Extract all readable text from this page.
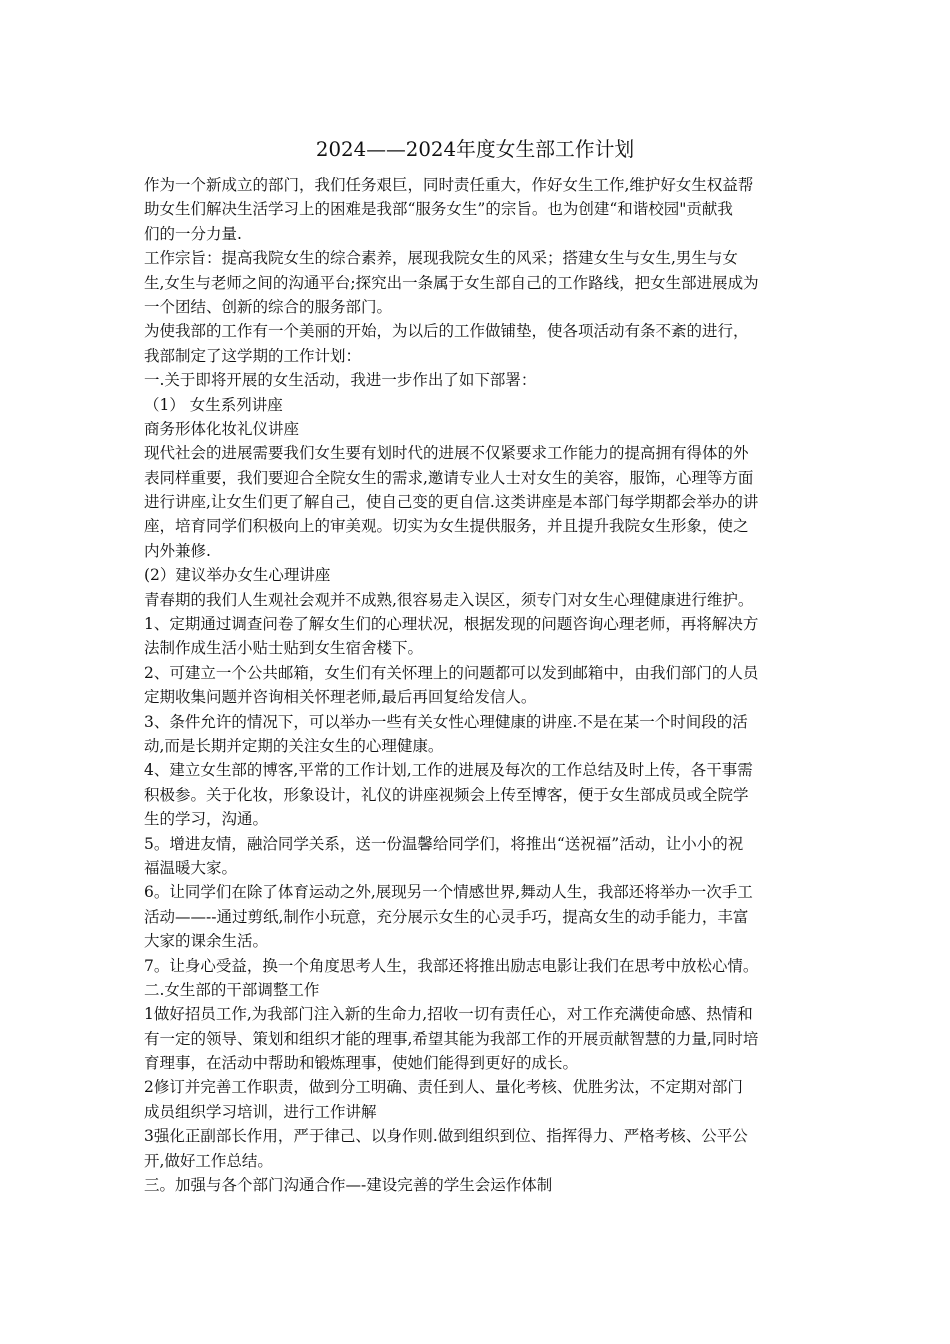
2024——2024年度女生部工作计划
作为一个新成立的部门，我们任务艰巨，同时责任重大，作好女生工作,维护好女生权益帮
助女生们解决生活学习上的困难是我部“服务女生”的宗旨。也为创建“和谐校园"贡献我
们的一分力量.
工作宗旨：提高我院女生的综合素养，展现我院女生的风采；搭建女生与女生,男生与女
生,女生与老师之间的沟通平台;探究出一条属于女生部自己的工作路线，把女生部进展成为
一个团结、创新的综合的服务部门。
为使我部的工作有一个美丽的开始，为以后的工作做铺垫，使各项活动有条不紊的进行，
我部制定了这学期的工作计划：
一.关于即将开展的女生活动，我进一步作出了如下部署：
（1） 女生系列讲座
商务形体化妆礼仪讲座
现代社会的进展需要我们女生要有划时代的进展不仅紧要求工作能力的提高拥有得体的外
表同样重要，我们要迎合全院女生的需求,邀请专业人士对女生的美容，服饰，心理等方面
进行讲座,让女生们更了解自己，使自己变的更自信.这类讲座是本部门每学期都会举办的讲
座，培育同学们积极向上的审美观。切实为女生提供服务，并且提升我院女生形象，使之
内外兼修.
(2）建议举办女生心理讲座
青春期的我们人生观社会观并不成熟,很容易走入误区，须专门对女生心理健康进行维护。
1、定期通过调查问卷了解女生们的心理状况，根据发现的问题咨询心理老师，再将解决方
法制作成生活小贴士贴到女生宿舍楼下。
2、可建立一个公共邮箱，女生们有关怀理上的问题都可以发到邮箱中，由我们部门的人员
定期收集问题并咨询相关怀理老师,最后再回复给发信人。
3、条件允许的情况下，可以举办一些有关女性心理健康的讲座.不是在某一个时间段的活
动,而是长期并定期的关注女生的心理健康。
4、建立女生部的博客,平常的工作计划,工作的进展及每次的工作总结及时上传，各干事需
积极参。关于化妆，形象设计，礼仪的讲座视频会上传至博客，便于女生部成员或全院学
生的学习，沟通。
5。增进友情，融洽同学关系，送一份温馨给同学们，将推出“送祝福”活动，让小小的祝
福温暖大家。
6。让同学们在除了体育运动之外,展现另一个情感世界,舞动人生，我部还将举办一次手工
活动——--通过剪纸,制作小玩意，充分展示女生的心灵手巧，提高女生的动手能力，丰富
大家的课余生活。
7。让身心受益，换一个角度思考人生，我部还将推出励志电影让我们在思考中放松心情。
二.女生部的干部调整工作
1做好招员工作,为我部门注入新的生命力,招收一切有责任心，对工作充满使命感、热情和
有一定的领导、策划和组织才能的理事,希望其能为我部工作的开展贡献智慧的力量,同时培
育理事，在活动中帮助和锻炼理事，使她们能得到更好的成长。
2修订并完善工作职责，做到分工明确、责任到人、量化考核、优胜劣汰，不定期对部门
成员组织学习培训，进行工作讲解
3强化正副部长作用，严于律己、以身作则.做到组织到位、指挥得力、严格考核、公平公
开,做好工作总结。
三。加强与各个部门沟通合作—-建设完善的学生会运作体制
